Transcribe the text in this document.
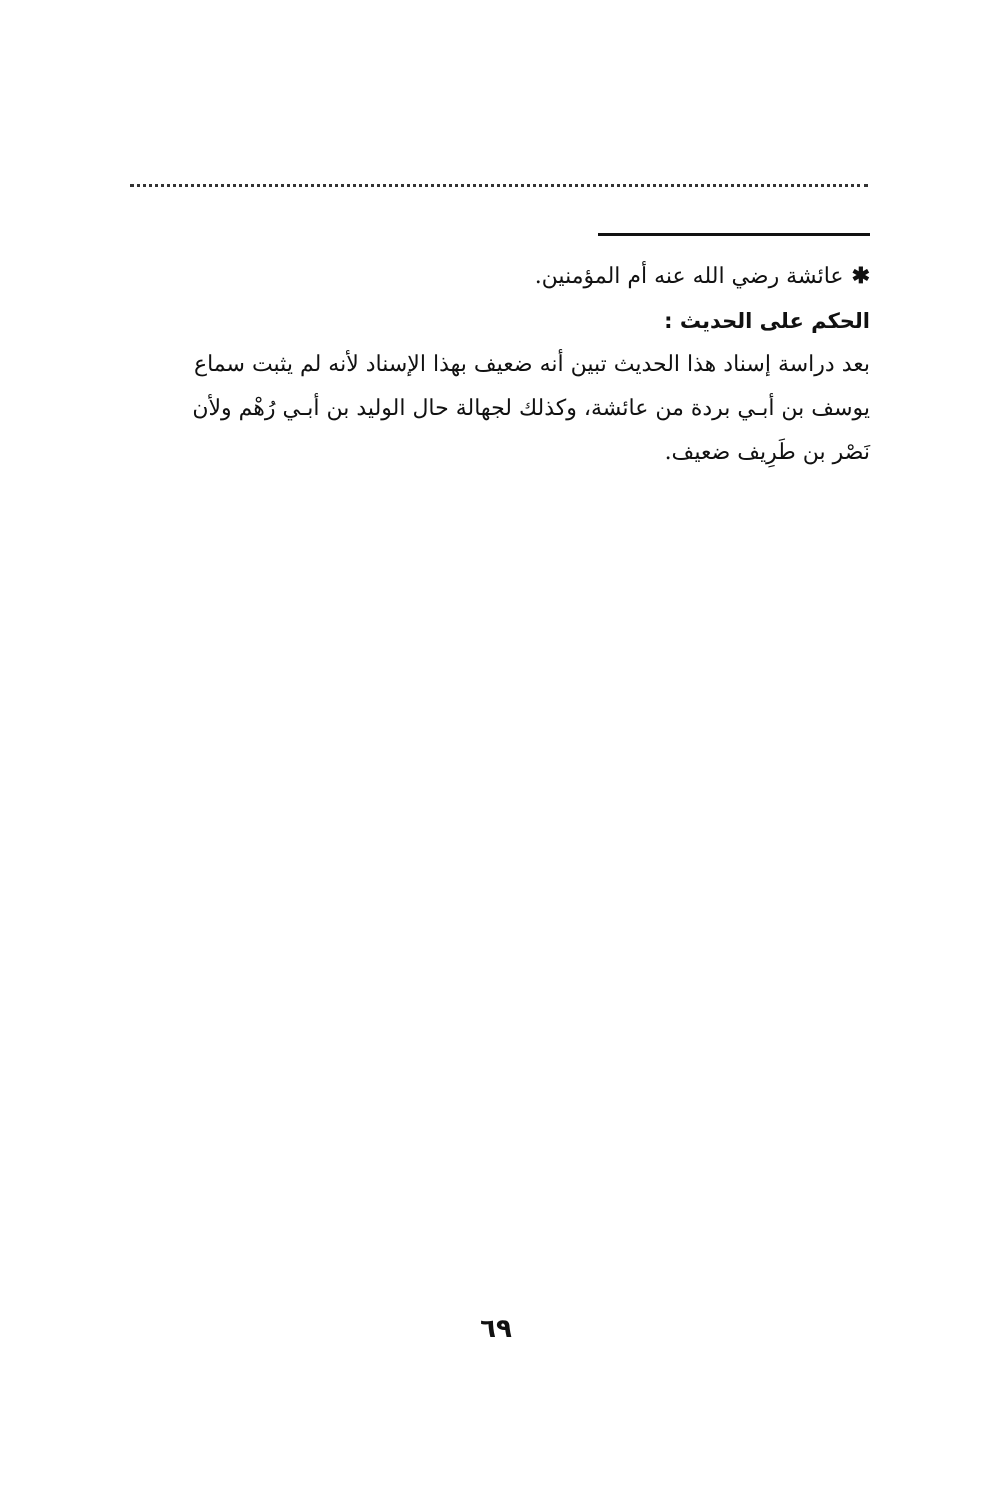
✱عائشة رضي الله عنه أم المؤمنين.

الحكم على الحديث :

بعد دراسة إسناد هذا الحديث تبين أنه ضعيف بهذا الإسناد لأنه لم يثبت سماع

يوسف بن أبـي بردة من عائشة، وكذلك لجهالة حال الوليد بن أبـي رُهْم ولأن

نَصْر بن طَرِيف ضعيف.

٦٩
